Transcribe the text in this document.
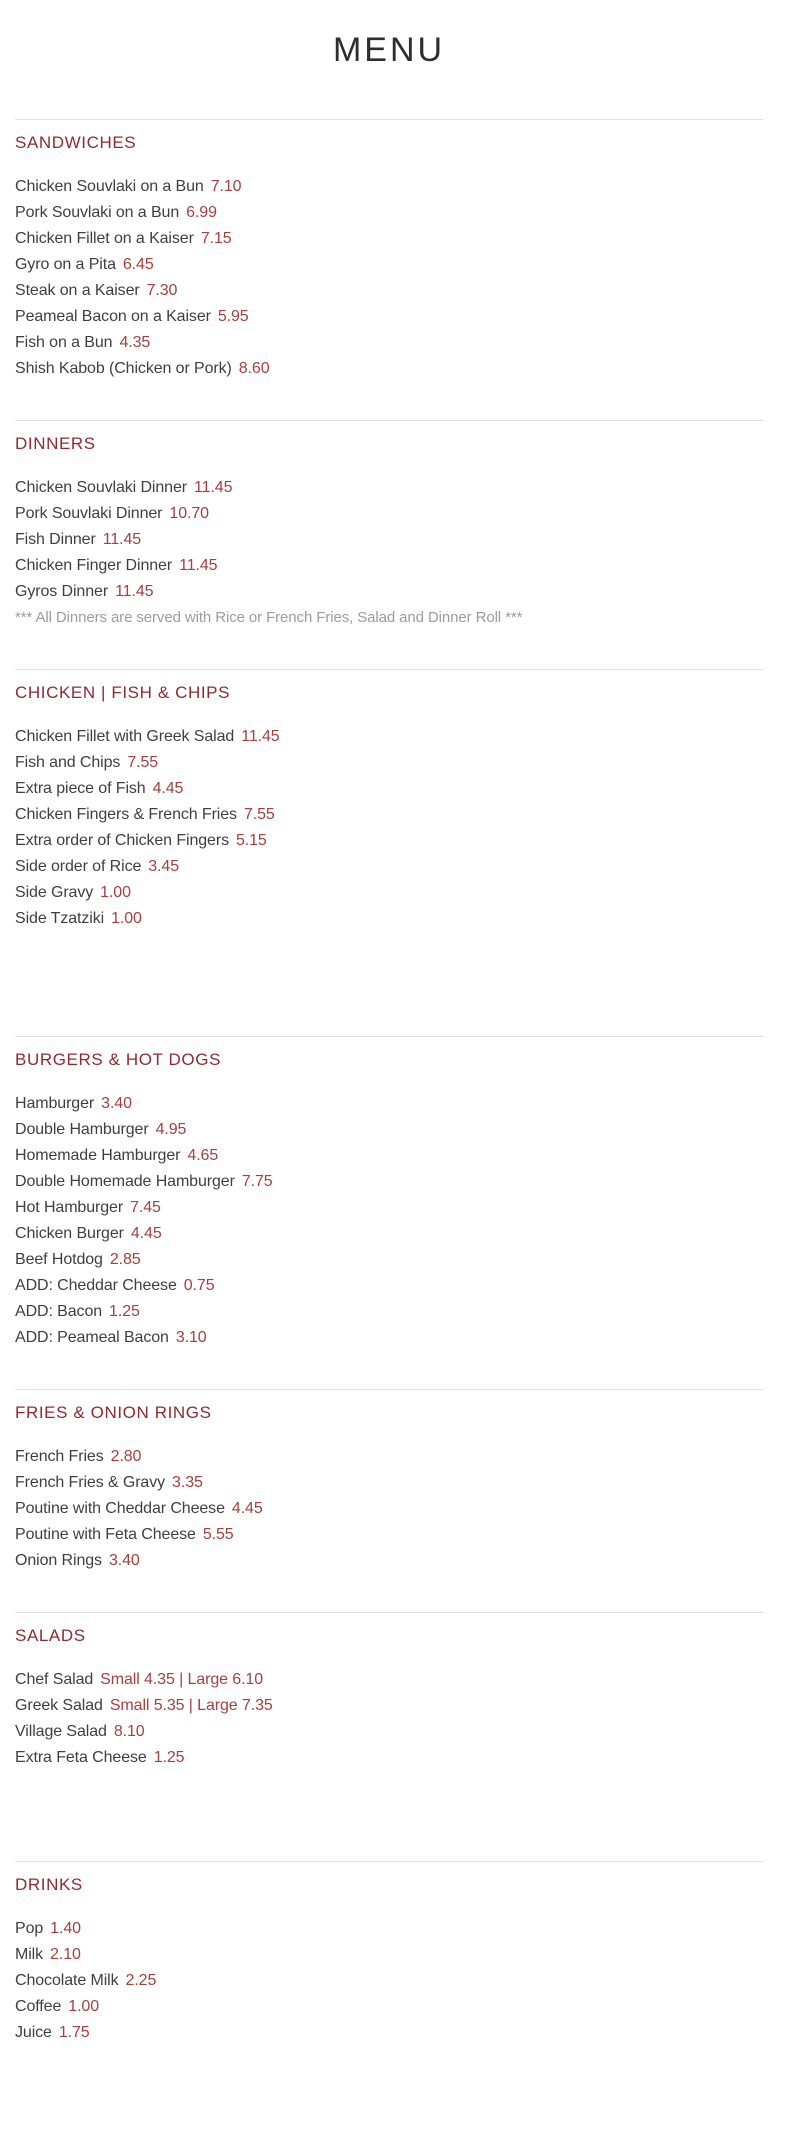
MENU
SANDWICHES
Chicken Souvlaki on a Bun 7.10
Pork Souvlaki on a Bun 6.99
Chicken Fillet on a Kaiser 7.15
Gyro on a Pita 6.45
Steak on a Kaiser 7.30
Peameal Bacon on a Kaiser 5.95
Fish on a Bun 4.35
Shish Kabob (Chicken or Pork) 8.60
DINNERS
Chicken Souvlaki Dinner 11.45
Pork Souvlaki Dinner 10.70
Fish Dinner 11.45
Chicken Finger Dinner 11.45
Gyros Dinner 11.45

*** All Dinners are served with Rice or French Fries, Salad and Dinner Roll ***

CHICKEN | FISH & CHIPS
Chicken Fillet with Greek Salad 11.45
Fish and Chips 7.55
Extra piece of Fish 4.45
Chicken Fingers & French Fries 7.55
Extra order of Chicken Fingers 5.15
Side order of Rice 3.45
Side Gravy 1.00
Side Tzatziki 1.00
BURGERS & HOT DOGS
Hamburger 3.40
Double Hamburger 4.95
Homemade Hamburger 4.65
Double Homemade Hamburger 7.75
Hot Hamburger 7.45
Chicken Burger 4.45
Beef Hotdog 2.85
ADD: Cheddar Cheese 0.75
ADD: Bacon 1.25
ADD: Peameal Bacon 3.10
FRIES & ONION RINGS
French Fries 2.80
French Fries & Gravy 3.35
Poutine with Cheddar Cheese 4.45
Poutine with Feta Cheese 5.55
Onion Rings 3.40
SALADS
Chef Salad Small 4.35 | Large 6.10
Greek Salad Small 5.35 | Large 7.35
Village Salad 8.10
Extra Feta Cheese 1.25
DRINKS
Pop 1.40
Milk 2.10
Chocolate Milk 2.25
Coffee 1.00
Juice 1.75
